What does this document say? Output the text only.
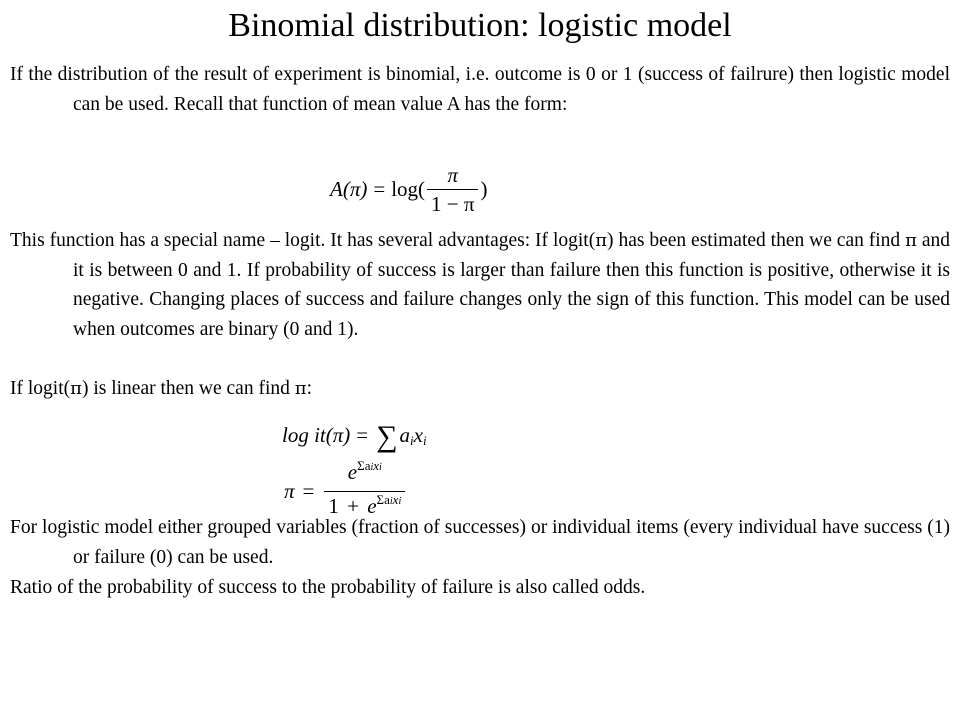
Binomial distribution: logistic model

If the distribution of the result of experiment is binomial, i.e. outcome is 0 or 1 (success of failrure) then logistic model can be used. Recall that function of mean value A has the form:

$A(\pi) = \log( \frac{\pi}{1 - \pi}$ )

This function has a special name – logit. It has several advantages: If logit(π) has been estimated then we can find π and it is between 0 and 1. If probability of success is larger than failure then this function is positive, otherwise it is negative. Changing places of success and failure changes only the sign of this function. This model can be used when outcomes are binary (0 and 1).

If logit(π) is linear then we can find π:

log it(π) = ∑ a i x i
$\pi = \frac{e^{\Sigma aixi}}{1 + e^{\Sigma aixi}}$

For logistic model either grouped variables (fraction of successes) or individual items (every individual have success (1) or failure (0) can be used.

Ratio of the probability of success to the probability of failure is also called odds.
